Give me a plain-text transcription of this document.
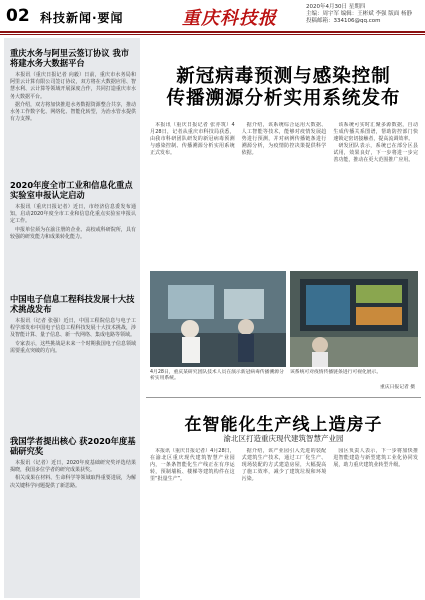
02 科技新闻·要闻	重庆科技报
2020年4月30日 星期四
主编：周宇军 编辑：王彬斌 李强 版面 杨静
投稿邮箱：334106@qq.com
重庆水务与阿里云签订协议 我市将建水务大数据平台

本报讯（重庆日报记者 向毅）日前，重庆市水务局和阿里云计算有限公司签订协议，双方将在大数据应用、智慧水利、云计算等领域开展深度合作，共同打造重庆市水务大数据平台。

据介绍，双方将加快推进水务数据资源整合共享，推动水务工作数字化、网络化、智能化转型，为治水管水提供有力支撑。

2020年度全市工业和信息化重点实验室申报认定启动

本报讯（重庆日报记者）近日，市经济信息委发布通知，启动2020年度全市工业和信息化重点实验室申报认定工作。

申报单位须为在渝注册的企业、高校或科研院所，具有较强的研发能力和成果转化能力。

中国电子信息工程科技发展十大技术挑战发布

本报讯（记者 张强）近日，中国工程院信息与电子工程学部发布中国电子信息工程科技发展十大技术挑战，涉及智能计算、量子信息、新一代网络、集成电路等领域。

专家表示，这些挑战是未来一个时期我国电子信息领域需要重点突破的方向。

我国学者提出核心 获2020年度基础研究奖

本报讯（记者）近日，2020年度基础研究奖评选结果揭晓，我国多位学者的研究成果获奖。

相关成果在材料、生命科学等领域取得重要进展，为解决关键科学问题提供了新思路。

新冠病毒预测与感染控制
传播溯源分析实用系统发布

本报讯（重庆日报记者 张亦筑）4月28日，记者从重庆市科技局获悉，由我市科研团队研发的新冠病毒预测与感染控制、传播溯源分析实用系统正式发布。

据介绍，该系统综合运用大数据、人工智能等技术，能够对疫情发展趋势进行预测，并对病例传播链条进行溯源分析，为疫情防控决策提供科学依据。

该系统可实时汇聚多源数据，自动生成传播关系图谱，帮助防控部门快速锁定密切接触者，提高流调效率。

研发团队表示，系统已在部分区县试用，效果良好，下一步将进一步完善功能，推动在更大范围推广应用。

4月28日，重庆某研究团队技术人员在演示新冠病毒传播溯源分析实用系统。
该系统可对疫情传播链条进行可视化展示。
重庆日报记者 摄
在智能化生产线上造房子
渝北区打造重庆现代建筑智慧产业园

本报讯（重庆日报记者）4月28日，在渝北区重庆现代建筑智慧产业园内，一条条智能化生产线正在有序运转，预制墙板、楼梯等建筑构件在这里“批量生产”。

据介绍，该产业园引入先进的装配式建筑生产技术，通过工厂化生产、现场装配的方式建造房屋，大幅提高了施工效率，减少了建筑垃圾和环境污染。

园区负责人表示，下一步将加快推进智能建造与新型建筑工业化协同发展，助力重庆建筑业转型升级。
